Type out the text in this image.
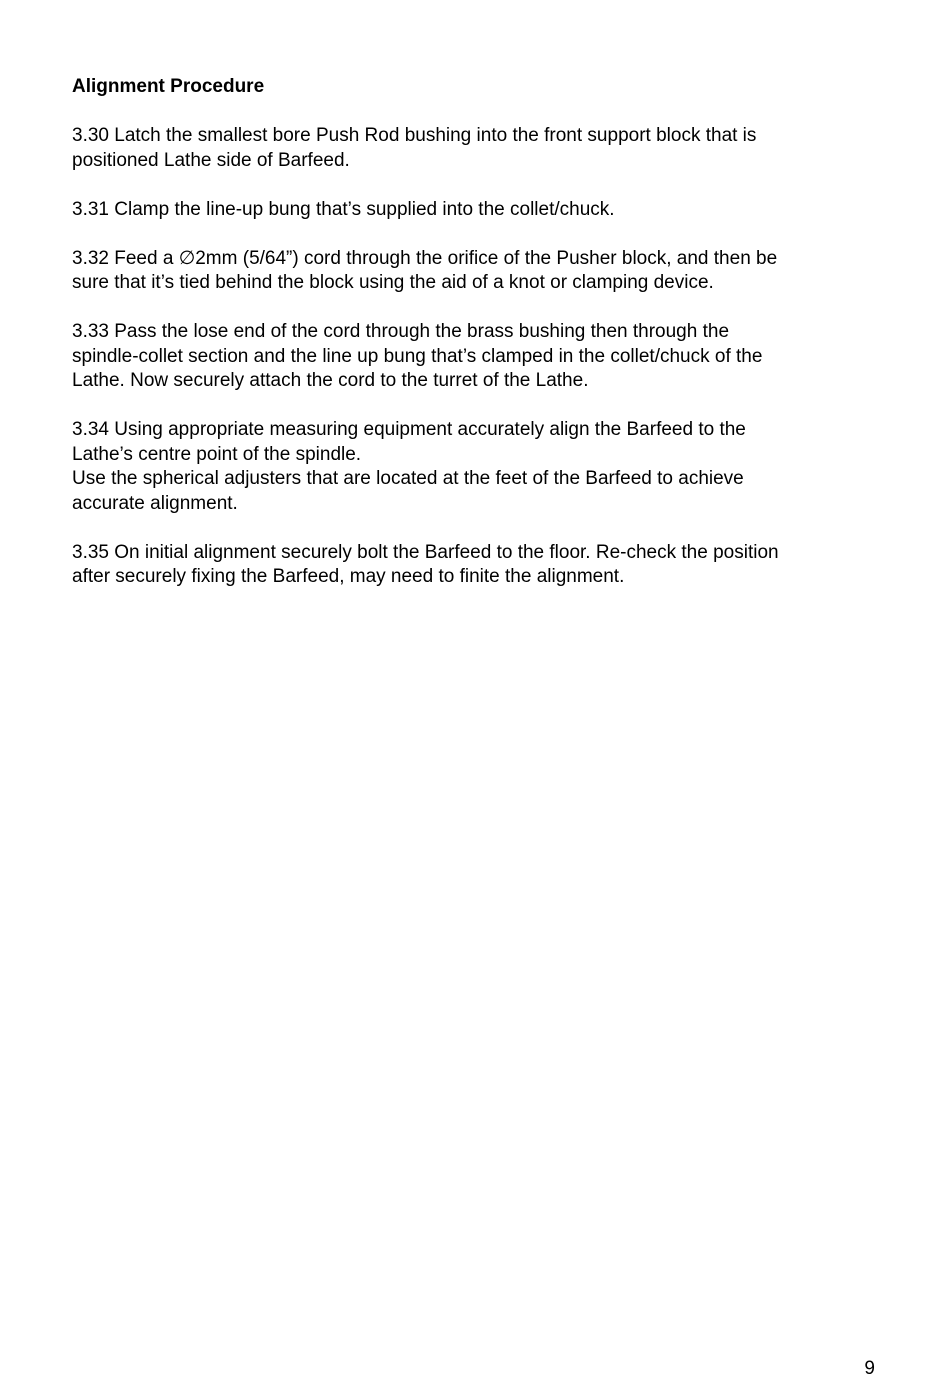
Alignment Procedure
3.30 Latch the smallest bore Push Rod bushing into the front support block that is
positioned Lathe side of Barfeed.
3.31 Clamp the line-up bung that’s supplied into the collet/chuck.
3.32 Feed a ∅2mm (5/64”) cord through the orifice of the Pusher block, and then be
sure that it’s tied behind the block using the aid of a knot or clamping device.
3.33 Pass the lose end of the cord through the brass bushing then through the
spindle-collet section and the line up bung that’s clamped in the collet/chuck of the
Lathe. Now securely attach the cord to the turret of the Lathe.
3.34 Using appropriate measuring equipment accurately align the Barfeed to the
Lathe’s centre point of the spindle.
Use the spherical adjusters that are located at the feet of the Barfeed to achieve
accurate alignment.
3.35 On initial alignment securely bolt the Barfeed to the floor. Re-check the position
after securely fixing the Barfeed, may need to finite the alignment.
9
